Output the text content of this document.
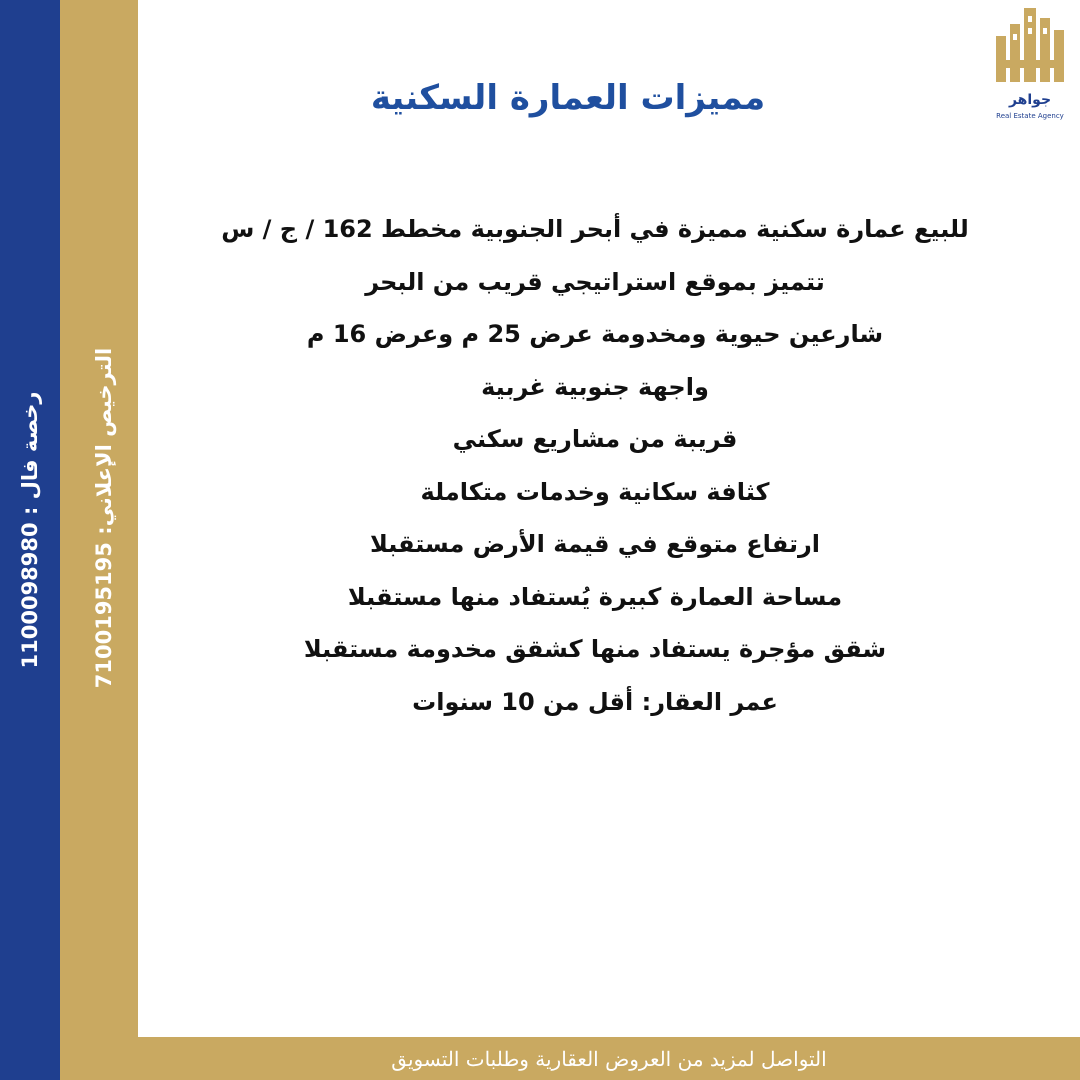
رخصة فال : 1100098980
الترخيص الإعلاني: 7100195195
جواهر
Real Estate Agency
مميزات العمارة السكنية
للبيع عمارة سكنية مميزة في أبحر الجنوبية مخطط 162 / ج / س
تتميز بموقع استراتيجي قريب من البحر
شارعين حيوية ومخدومة عرض 25 م وعرض 16 م
واجهة جنوبية غربية
قريبة من مشاريع سكني
كثافة سكانية وخدمات متكاملة
ارتفاع متوقع في قيمة الأرض مستقبلا
مساحة العمارة كبيرة يُستفاد منها مستقبلا
شقق مؤجرة يستفاد منها كشقق مخدومة مستقبلا
عمر العقار: أقل من 10 سنوات
التواصل لمزيد من العروض العقارية وطلبات التسويق
